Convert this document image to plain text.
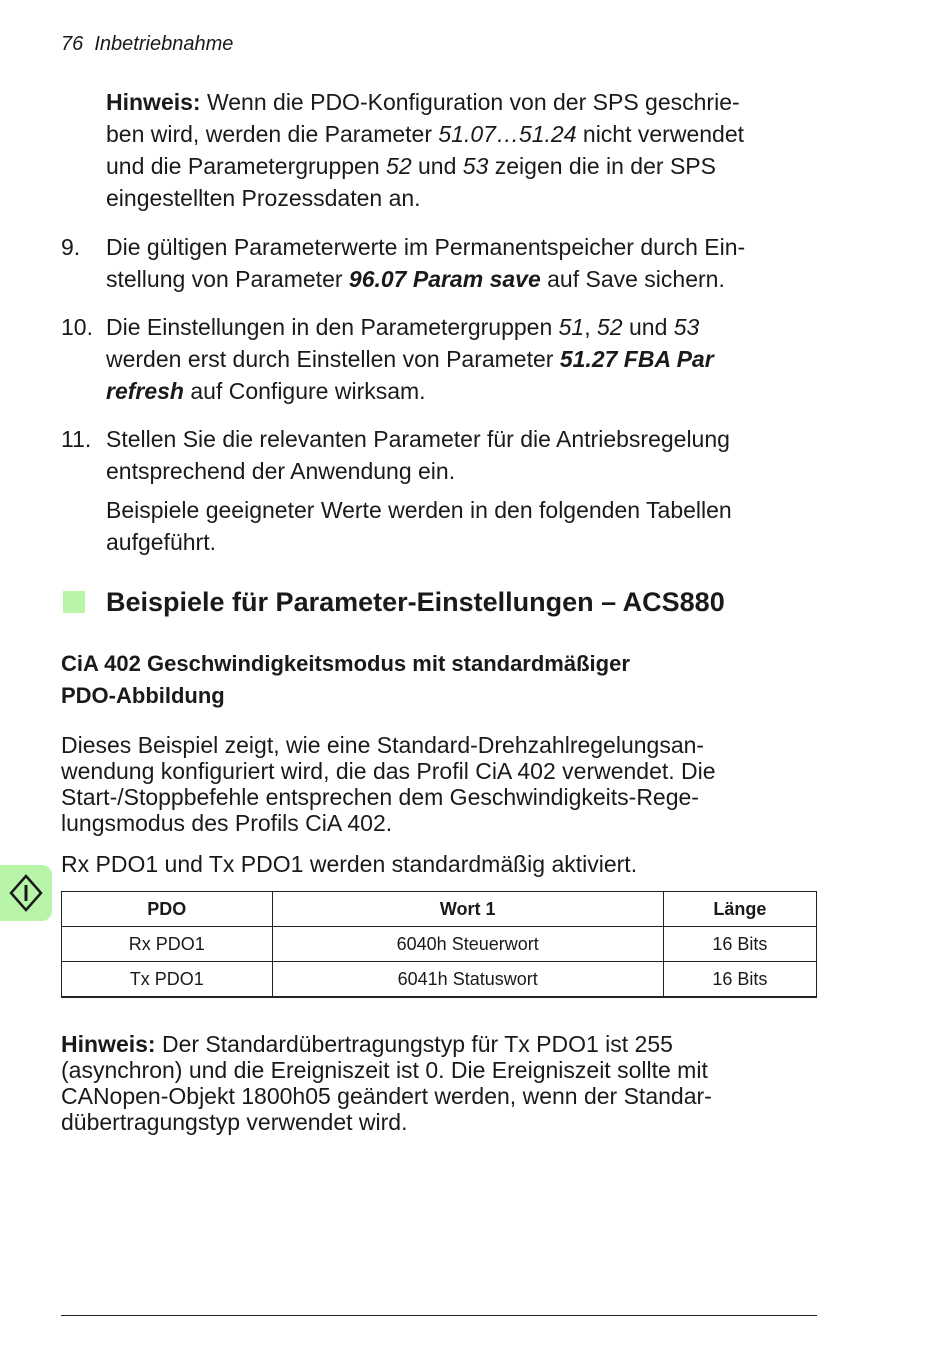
76 Inbetriebnahme
Hinweis: Wenn die PDO-Konfiguration von der SPS geschrie-
ben wird, werden die Parameter 51.07…51.24 nicht verwendet
und die Parametergruppen 52 und 53 zeigen die in der SPS
eingestellten Prozessdaten an.
9. Die gültigen Parameterwerte im Permanentspeicher durch Ein-
stellung von Parameter 96.07 Param save auf Save sichern.
10. Die Einstellungen in den Parametergruppen 51, 52 und 53
werden erst durch Einstellen von Parameter 51.27 FBA Par
refresh auf Configure wirksam.
11. Stellen Sie die relevanten Parameter für die Antriebsregelung
entsprechend der Anwendung ein.
Beispiele geeigneter Werte werden in den folgenden Tabellen
aufgeführt.
Beispiele für Parameter-Einstellungen – ACS880
CiA 402 Geschwindigkeitsmodus mit standardmäßiger
PDO-Abbildung
Dieses Beispiel zeigt, wie eine Standard-Drehzahlregelungsan-
wendung konfiguriert wird, die das Profil CiA 402 verwendet. Die
Start-/Stoppbefehle entsprechen dem Geschwindigkeits-Rege-
lungsmodus des Profils CiA 402.
Rx PDO1 und Tx PDO1 werden standardmäßig aktiviert.
PDO	Wort 1	Länge
Rx PDO1	6040h Steuerwort	16 Bits
Tx PDO1	6041h Statuswort	16 Bits
Hinweis: Der Standardübertragungstyp für Tx PDO1 ist 255
(asynchron) und die Ereigniszeit ist 0. Die Ereigniszeit sollte mit
CANopen-Objekt 1800h05 geändert werden, wenn der Standar-
dübertragungstyp verwendet wird.
